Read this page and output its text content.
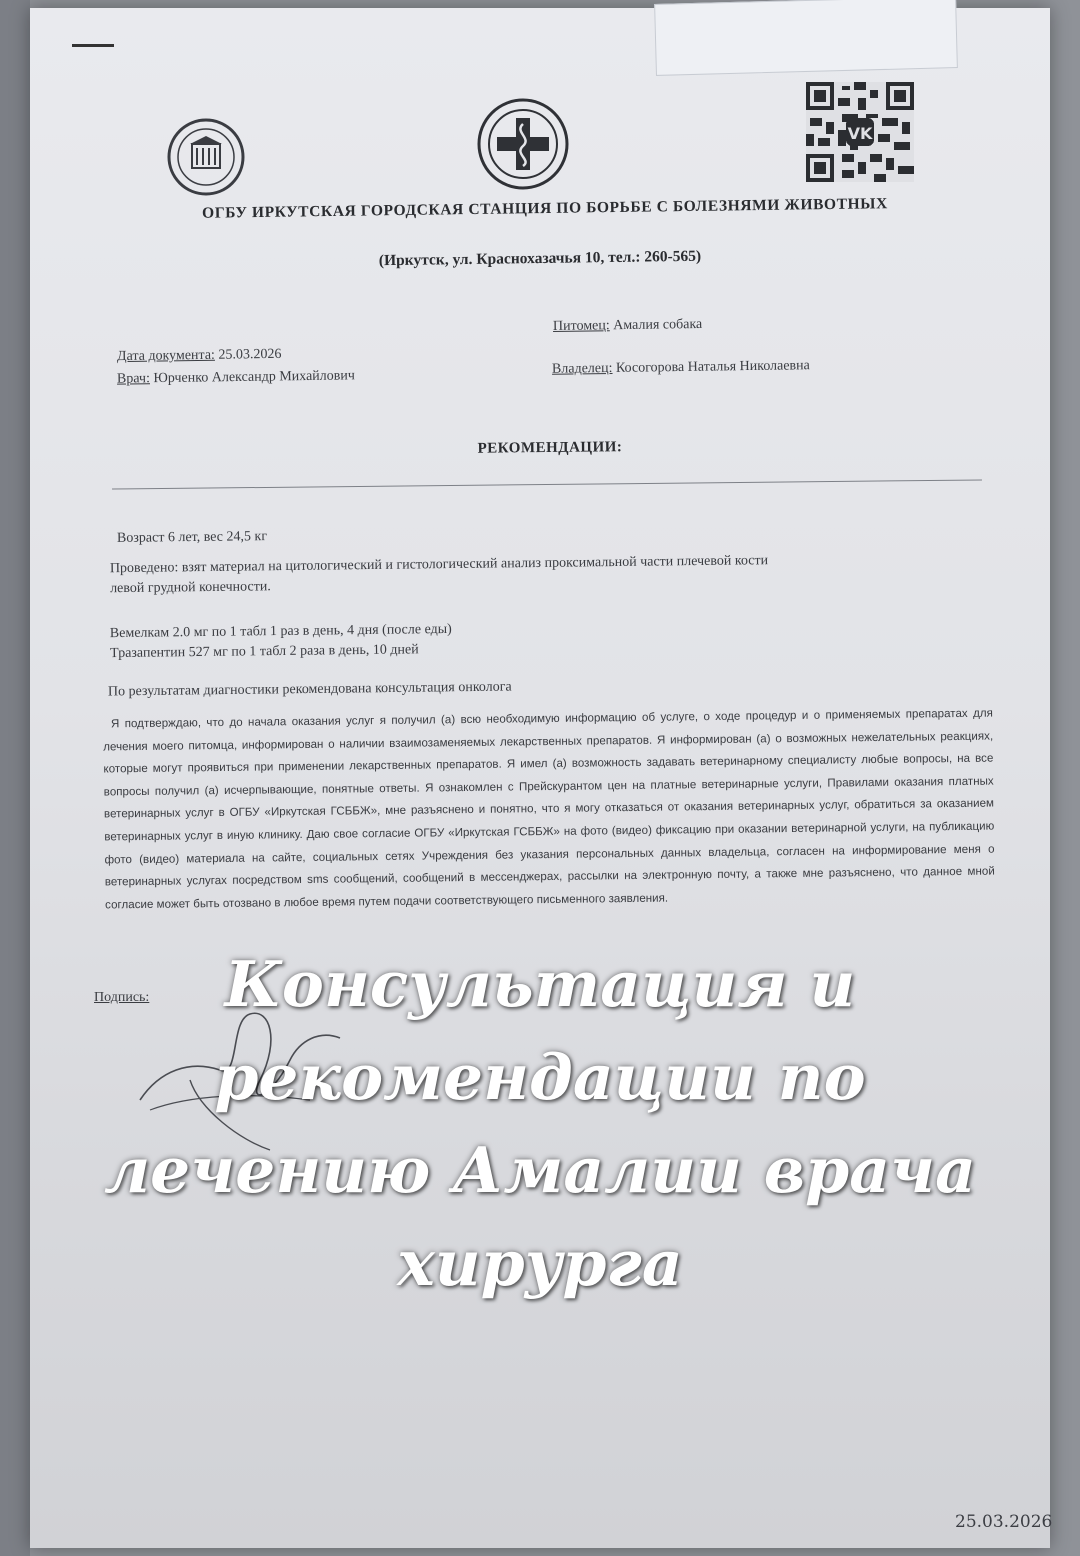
VK
ОГБУ ИРКУТСКАЯ ГОРОДСКАЯ СТАНЦИЯ ПО БОРЬБЕ С БОЛЕЗНЯМИ ЖИВОТНЫХ
(Иркутск, ул. Краснохазачья 10, тел.: 260-565)
Питомец: Амалия собака
Дата документа: 25.03.2026
Владелец: Косогорова Наталья Николаевна
Врач: Юрченко Александр Михайлович
РЕКОМЕНДАЦИИ:
Возраст 6 лет, вес 24,5 кг
Проведено: взят материал на цитологический и гистологический анализ проксимальной части плечевой кости
левой грудной конечности.
Вемелкам 2.0 мг по 1 табл 1 раз в день, 4 дня (после еды)
Тразапентин 527 мг по 1 табл 2 раза в день, 10 дней
По результатам диагностики рекомендована консультация онколога
Я подтверждаю, что до начала оказания услуг я получил (а) всю необходимую информацию об услуге, о ходе процедур и о применяемых препаратах для лечения моего питомца, информирован о наличии взаимозаменяемых лекарственных препаратов. Я информирован (а) о возможных нежелательных реакциях, которые могут проявиться при применении лекарственных препаратов. Я имел (а) возможность задавать ветеринарному специалисту любые вопросы, на все вопросы получил (а) исчерпывающие, понятные ответы. Я ознакомлен с Прейскурантом цен на платные ветеринарные услуги, Правилами оказания платных ветеринарных услуг в ОГБУ «Иркутская ГСББЖ», мне разъяснено и понятно, что я могу отказаться от оказания ветеринарных услуг, обратиться за оказанием ветеринарных услуг в иную клинику. Даю свое согласие ОГБУ «Иркутская ГСББЖ» на фото (видео) фиксацию при оказании ветеринарной услуги, на публикацию фото (видео) материала на сайте, социальных сетях Учреждения без указания персональных данных владельца, согласен на информирование меня о ветеринарных услугах посредством sms сообщений, сообщений в мессенджерах, рассылки на электронную почту, а также мне разъяснено, что данное мной согласие может быть отозвано в любое время путем подачи соответствующего письменного заявления.
Подпись:	Консультация и
рекомендации по
лечению Амалии врача
хирурга
25.03.2026
